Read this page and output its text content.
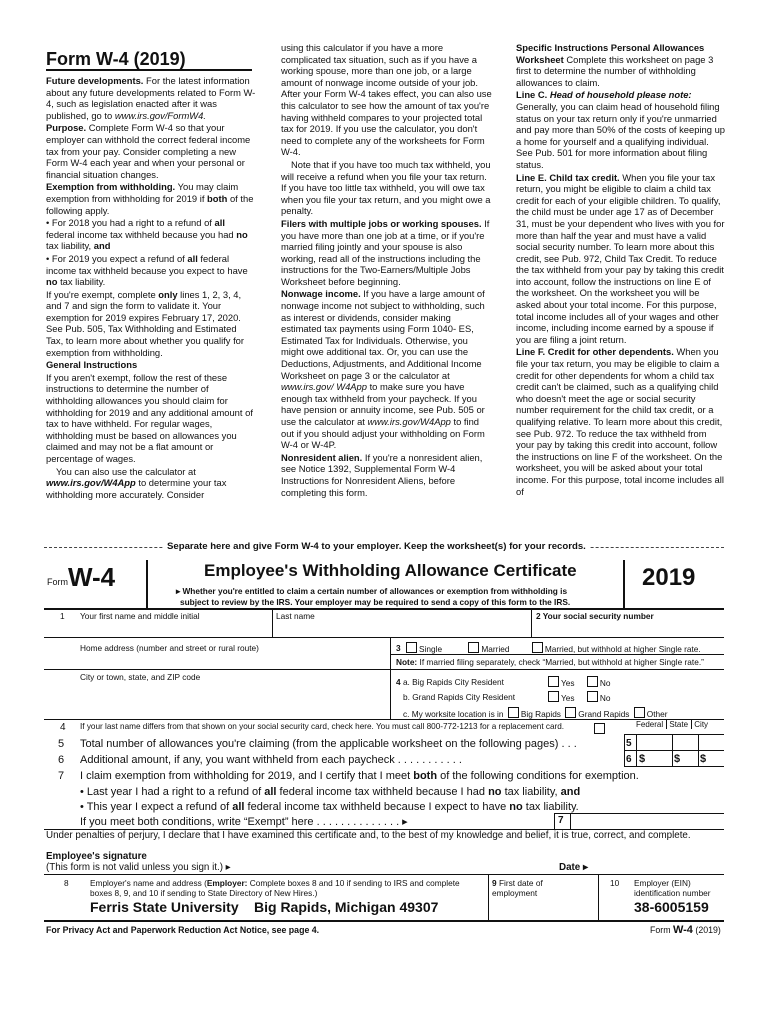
Form W-4 (2019)

Future developments. For the latest information about any future developments related to Form W-4, such as legislation enacted after it was published, go to www.irs.gov/FormW4.

Purpose. Complete Form W-4 so that your employer can withhold the correct federal income tax from your pay. Consider completing a new Form W-4 each year and when your personal or financial situation changes.

Exemption from withholding. You may claim exemption from withholding for 2019 if both of the following apply.

• For 2018 you had a right to a refund of all federal income tax withheld because you had no tax liability, and

• For 2019 you expect a refund of all federal income tax withheld because you expect to have no tax liability.

If you're exempt, complete only lines 1, 2, 3, 4, and 7 and sign the form to validate it. Your exemption for 2019 expires February 17, 2020. See Pub. 505, Tax Withholding and Estimated Tax, to learn more about whether you qualify for exemption from withholding.

General Instructions

If you aren't exempt, follow the rest of these instructions to determine the number of withholding allowances you should claim for withholding for 2019 and any additional amount of tax to have withheld. For regular wages, withholding must be based on allowances you claimed and may not be a flat amount or percentage of wages.

You can also use the calculator at www.irs.gov/W4App to determine your tax withholding more accurately. Consider

using this calculator if you have a more complicated tax situation, such as if you have a working spouse, more than one job, or a large amount of nonwage income outside of your job. After your Form W-4 takes effect, you can also use this calculator to see how the amount of tax you're having withheld compares to your projected total tax for 2019. If you use the calculator, you don't need to complete any of the worksheets for Form W-4.

Note that if you have too much tax withheld, you will receive a refund when you file your tax return. If you have too little tax withheld, you will owe tax when you file your tax return, and you might owe a penalty.

Filers with multiple jobs or working spouses. If you have more than one job at a time, or if you're married filing jointly and your spouse is also working, read all of the instructions including the instructions for the Two-Earners/Multiple Jobs Worksheet before beginning.

Nonwage income. If you have a large amount of nonwage income not subject to withholding, such as interest or dividends, consider making estimated tax payments using Form 1040- ES, Estimated Tax for Individuals. Otherwise, you might owe additional tax. Or, you can use the Deductions, Adjustments, and Additional Income Worksheet on page 3 or the calculator at www.irs.gov/ W4App to make sure you have enough tax withheld from your paycheck. If you have pension or annuity income, see Pub. 505 or use the calculator at www.irs.gov/W4App to find out if you should adjust your withholding on Form W-4 or W-4P.

Nonresident alien. If you're a nonresident alien, see Notice 1392, Supplemental Form W-4 Instructions for Nonresident Aliens, before completing this form.

Specific Instructions Personal Allowances Worksheet Complete this worksheet on page 3 first to determine the number of withholding allowances to claim.

Line C. Head of household please note: Generally, you can claim head of household filing status on your tax return only if you're unmarried and pay more than 50% of the costs of keeping up a home for yourself and a qualifying individual. See Pub. 501 for more information about filing status.

Line E. Child tax credit. When you file your tax return, you might be eligible to claim a child tax credit for each of your eligible children. To qualify, the child must be under age 17 as of December 31, must be your dependent who lives with you for more than half the year and must have a valid social security number. To learn more about this credit, see Pub. 972, Child Tax Credit. To reduce the tax withheld from your pay by taking this credit into account, follow the instructions on line E of the worksheet. On the worksheet you will be asked about your total income. For this purpose, total income includes all of your wages and other income, including income earned by a spouse if you are filing a joint return.

Line F. Credit for other dependents. When you file your tax return, you may be eligible to claim a credit for other dependents for whom a child tax credit can't be claimed, such as a qualifying child who doesn't meet the age or social security number requirement for the child tax credit, or a qualifying relative. To learn more about this credit, see Pub. 972. To reduce the tax withheld from your pay by taking this credit into account, follow the instructions on line F of the worksheet. On the worksheet, you will be asked about your total income. For this purpose, total income includes all of

Separate here and give Form W-4 to your employer. Keep the worksheet(s) for your records.
Form W-4	Employee's Withholding Allowance Certificate
▸ Whether you're entitled to claim a certain number of allowances or exemption from withholding is
subject to review by the IRS. Your employer may be required to send a copy of this form to the IRS.
2019
1 Your first name and middle initial	Last name	2 Your social security number
Home address (number and street or rural route)	3	Single	Married	Married, but withhold at higher Single rate.
Note: If married filing separately, check “Married, but withhold at higher Single rate.”
City or town, state, and ZIP code	4 a. Big Rapids City Resident	Yes	No
b. Grand Rapids City Resident	Yes	No
c. My worksite location is in Big Rapids Grand Rapids Other
4 If your last name differs from that shown on your social security card, check here. You must call 800-772-1213 for a replacement card.	Federal State City
5 Total number of allowances you're claiming (from the applicable worksheet on the following pages) . . .	5
6 Additional amount, if any, you want withheld from each paycheck . . . . . . . . . . .	6 $	$ $
7 I claim exemption from withholding for 2019, and I certify that I meet both of the following conditions for exemption.
• Last year I had a right to a refund of all federal income tax withheld because I had no tax liability, and
• This year I expect a refund of all federal income tax withheld because I expect to have no tax liability.
If you meet both conditions, write “Exempt” here . . . . . . . . . . . . . . ▸	7
Under penalties of perjury, I declare that I have examined this certificate and, to the best of my knowledge and belief, it is true, correct, and complete.
Employee's signature
(This form is not valid unless you sign it.) ▸	Date ▸
8	Employer's name and address (Employer: Complete boxes 8 and 10 if sending to IRS and complete boxes 8, 9, and 10 if sending to State Directory of New Hires.)
9 First date of employment
10 Employer (EIN) identification number
Ferris State University Big Rapids, Michigan 49307	38-6005159
For Privacy Act and Paperwork Reduction Act Notice, see page 4.	Form W-4 (2019)
